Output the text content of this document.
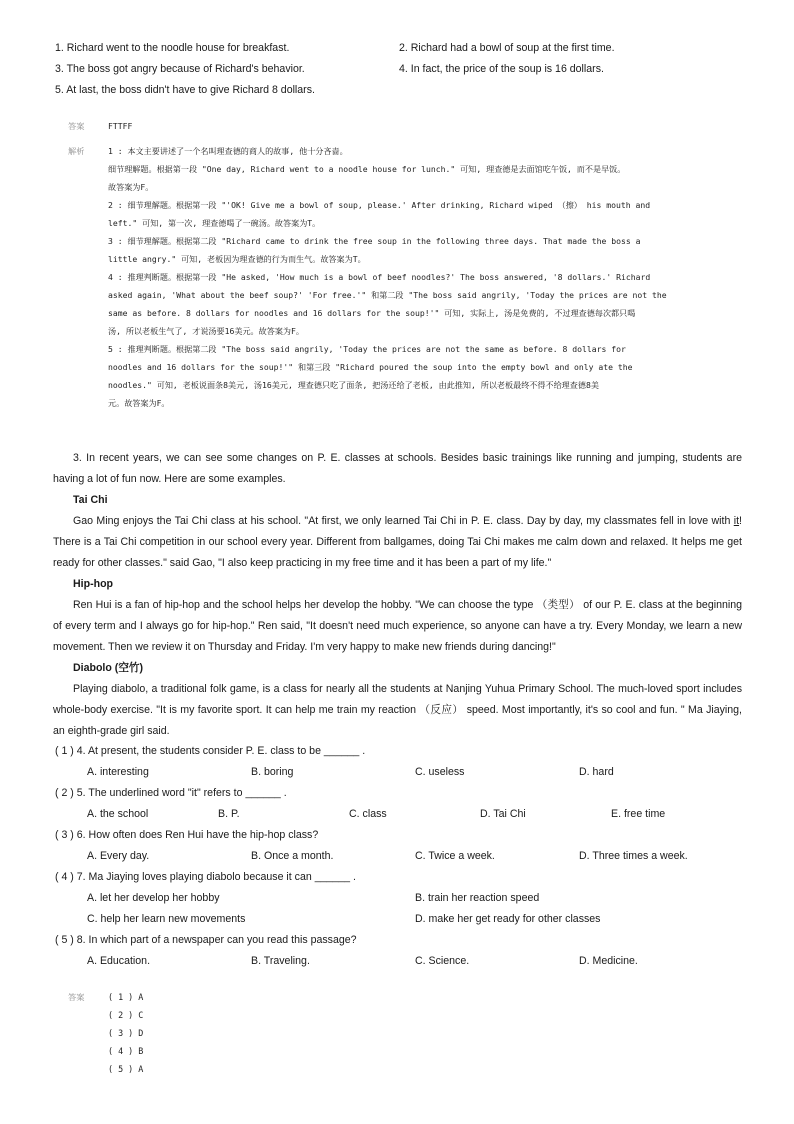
1. Richard went to the noodle house for breakfast.	2. Richard had a bowl of soup at the first time.
3. The boss got angry because of Richard's behavior.	4. In fact, the price of the soup is 16 dollars.
5. At last, the boss didn't have to give Richard 8 dollars.
答案	FTTFF
解析	1 : 本文主要讲述了一个名叫理查德的商人的故事, 他十分吝啬。
细节理解题。根据第一段 "One day, Richard went to a noodle house for lunch." 可知, 理查德是去面馆吃午饭, 而不是早饭。
故答案为F。
2 : 细节理解题。根据第一段 "'OK! Give me a bowl of soup, please.' After drinking, Richard wiped （擦） his mouth and
left." 可知, 第一次, 理查德喝了一碗汤。故答案为T。
3 : 细节理解题。根据第二段 "Richard came to drink the free soup in the following three days. That made the boss a
little angry." 可知, 老板因为理查德的行为而生气。故答案为T。
4 : 推理判断题。根据第一段 "He asked, 'How much is a bowl of beef noodles?' The boss answered, '8 dollars.' Richard
asked again, 'What about the beef soup?' 'For free.'" 和第二段 "The boss said angrily, 'Today the prices are not the
same as before. 8 dollars for noodles and 16 dollars for the soup!'" 可知, 实际上, 汤是免费的, 不过理查德每次都只喝
汤, 所以老板生气了, 才说汤要16美元。故答案为F。
5 : 推理判断题。根据第二段 "The boss said angrily, 'Today the prices are not the same as before. 8 dollars for
noodles and 16 dollars for the soup!'" 和第三段 "Richard poured the soup into the empty bowl and only ate the
noodles." 可知, 老板说面条8美元, 汤16美元, 理查德只吃了面条, 把汤还给了老板, 由此推知, 所以老板最终不得不给理查德8美
元。故答案为F。

3. In recent years, we can see some changes on P. E. classes at schools. Besides basic trainings like running and jumping, students are having a lot of fun now. Here are some examples.

Tai Chi

Gao Ming enjoys the Tai Chi class at his school. "At first, we only learned Tai Chi in P. E. class. Day by day, my classmates fell in love with it! There is a Tai Chi competition in our school every year. Different from ballgames, doing Tai Chi makes me calm down and relaxed. It helps me get ready for other classes." said Gao, "I also keep practicing in my free time and it has been a part of my life."

Hip-hop

Ren Hui is a fan of hip-hop and the school helps her develop the hobby. "We can choose the type （类型） of our P. E. class at the beginning of every term and I always go for hip-hop." Ren said, "It doesn't need much experience, so anyone can have a try. Every Monday, we learn a new movement. Then we review it on Thursday and Friday. I'm very happy to make new friends during dancing!"

Diabolo (空竹)

Playing diabolo, a traditional folk game, is a class for nearly all the students at Nanjing Yuhua Primary School. The much-loved sport includes whole-body exercise. "It is my favorite sport. It can help me train my reaction （反应） speed. Most importantly, it's so cool and fun. " Ma Jiaying, an eighth-grade girl said.

( 1 ) 4. At present, the students consider P. E. class to be ______ .
A. interesting	B. boring	C. useless	D. hard
( 2 ) 5. The underlined word "it" refers to ______ .
A. the school	B. P.	C. class	D. Tai Chi	E. free time
( 3 ) 6. How often does Ren Hui have the hip-hop class?
A. Every day.	B. Once a month.	C. Twice a week.	D. Three times a week.
( 4 ) 7. Ma Jiaying loves playing diabolo because it can ______ .
A. let her develop her hobby	B. train her reaction speed
C. help her learn new movements	D. make her get ready for other classes
( 5 ) 8. In which part of a newspaper can you read this passage?
A. Education.	B. Traveling.	C. Science.	D. Medicine.
答案	( 1 ) A
( 2 ) C
( 3 ) D
( 4 ) B
( 5 ) A
